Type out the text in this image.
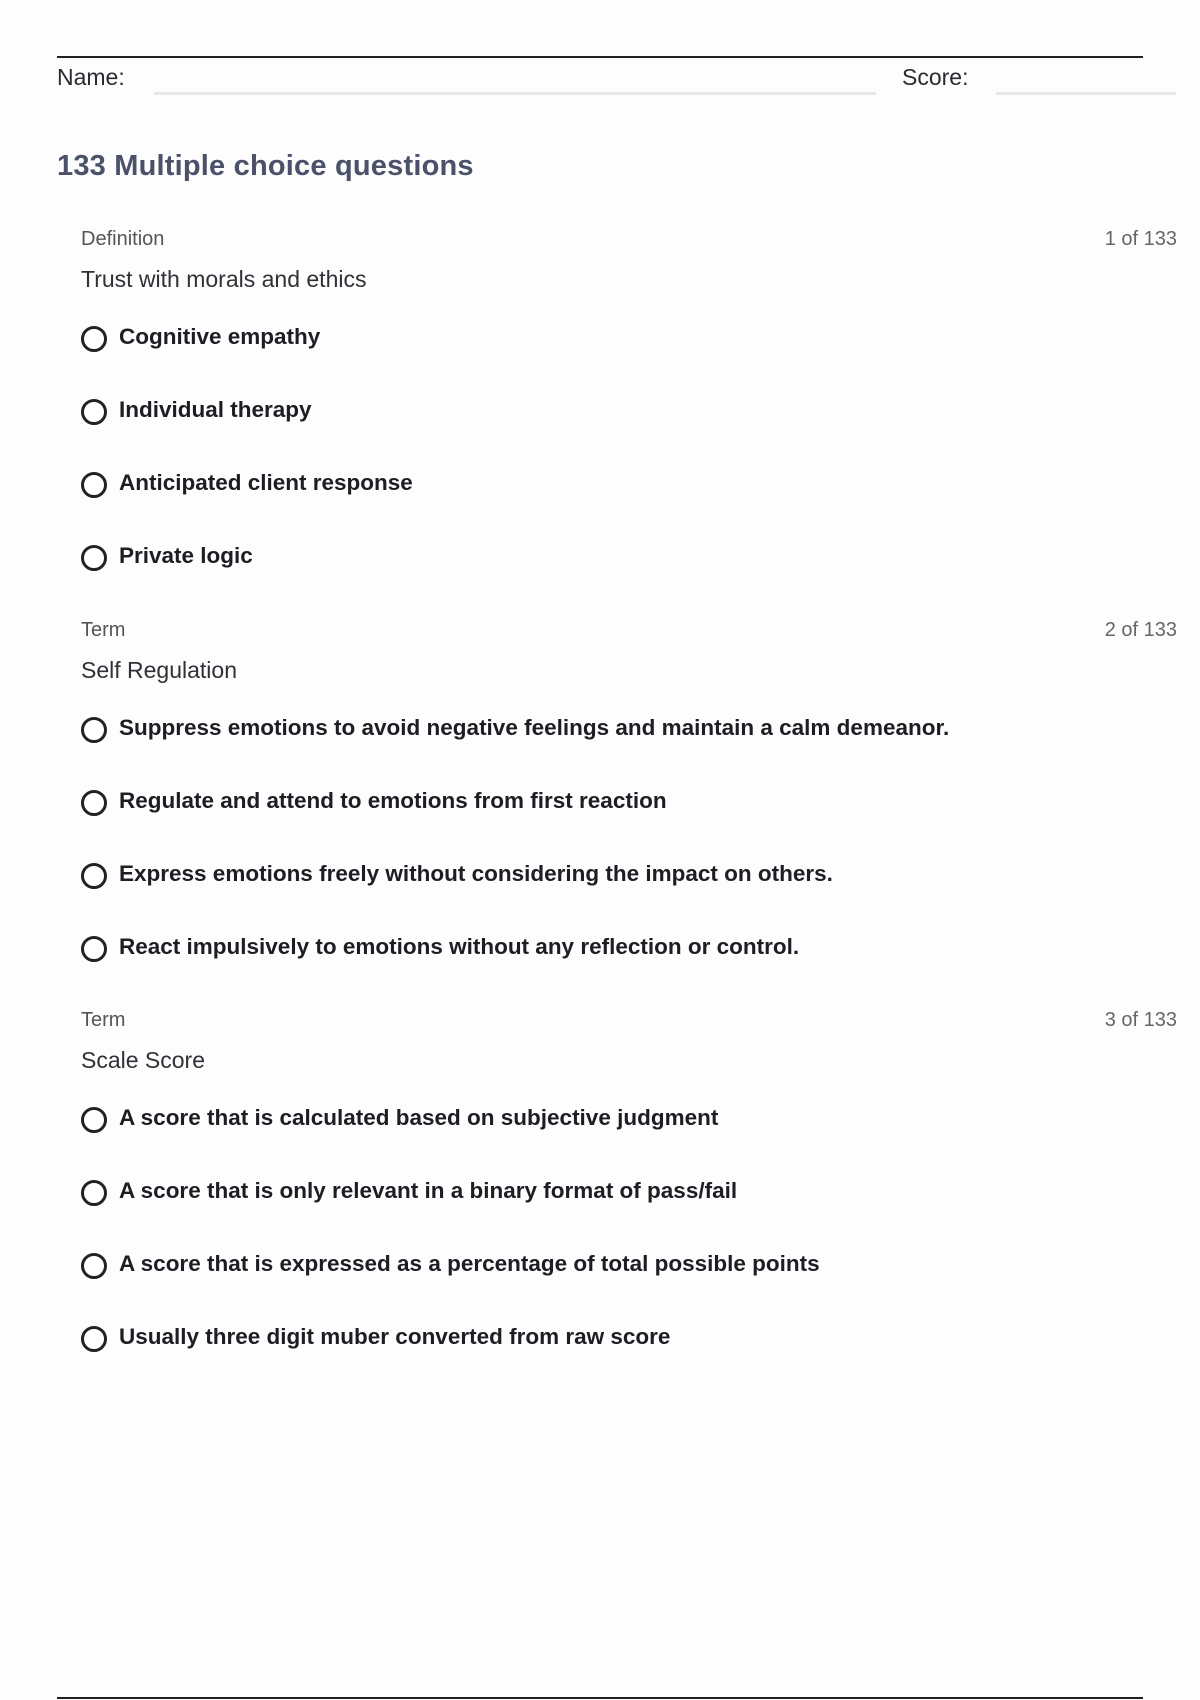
Name:	Score:
133 Multiple choice questions
Definition	1 of 133
Trust with morals and ethics
Cognitive empathy
Individual therapy
Anticipated client response
Private logic
Term	2 of 133
Self Regulation
Suppress emotions to avoid negative feelings and maintain a calm demeanor.
Regulate and attend to emotions from first reaction
Express emotions freely without considering the impact on others.
React impulsively to emotions without any reflection or control.
Term	3 of 133
Scale Score
A score that is calculated based on subjective judgment
A score that is only relevant in a binary format of pass/fail
A score that is expressed as a percentage of total possible points
Usually three digit muber converted from raw score
